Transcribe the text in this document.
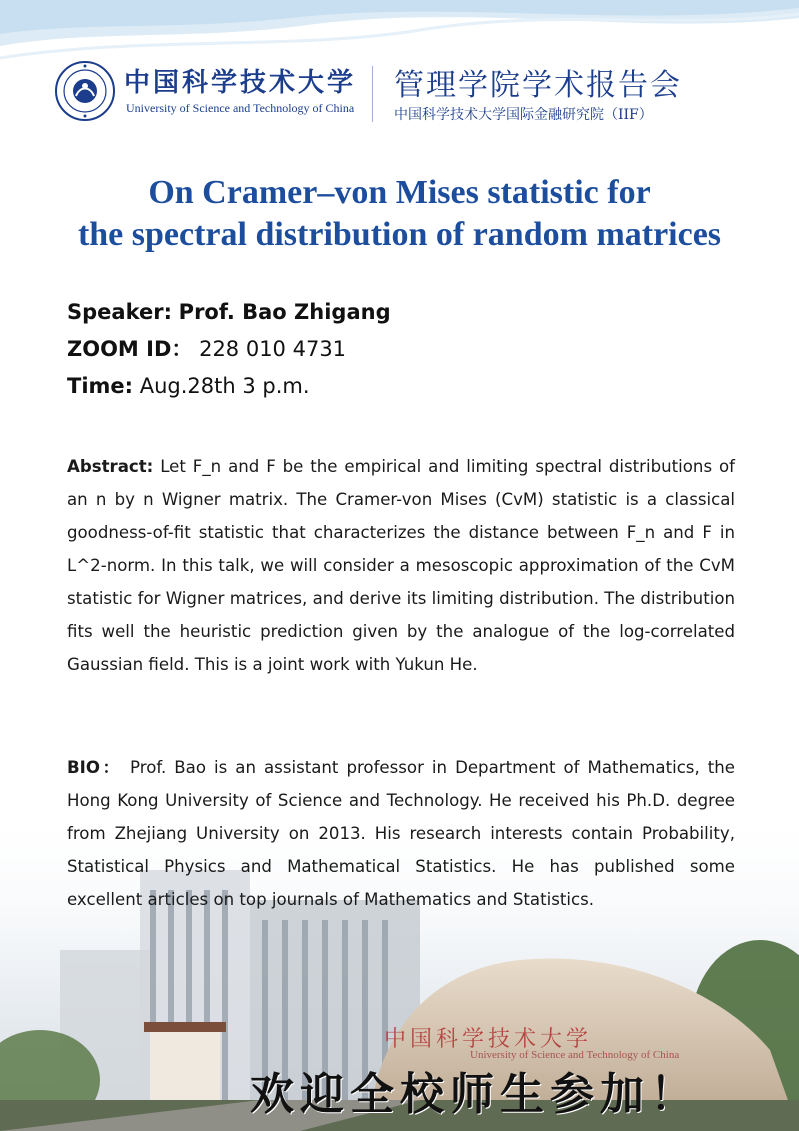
中国科学技术大学
University of Science and Technology of China
管理学院学术报告会
中国科学技术大学国际金融研究院（IIF）
On Cramer–von Mises statistic for
the spectral distribution of random matrices
Speaker: Prof. Bao Zhigang
ZOOM ID： 228 010 4731
Time: Aug.28th 3 p.m.
Abstract: Let F_n and F be the empirical and limiting spectral distributions of an n by n Wigner matrix. The Cramer-von Mises (CvM) statistic is a classical goodness-of-fit statistic that characterizes the distance between F_n and F in L^2-norm. In this talk, we will consider a mesoscopic approximation of the CvM statistic for Wigner matrices, and derive its limiting distribution. The distribution fits well the heuristic prediction given by the analogue of the log-correlated Gaussian field. This is a joint work with Yukun He.
BIO： Prof. Bao is an assistant professor in Department of Mathematics, the Hong Kong University of Science and Technology. He received his Ph.D. degree from Zhejiang University on 2013. His research interests contain Probability, Statistical Physics and Mathematical Statistics. He has published some excellent articles on top journals of Mathematics and Statistics.
中国科学技术大学
University of Science and Technology of China
欢迎全校师生参加！
